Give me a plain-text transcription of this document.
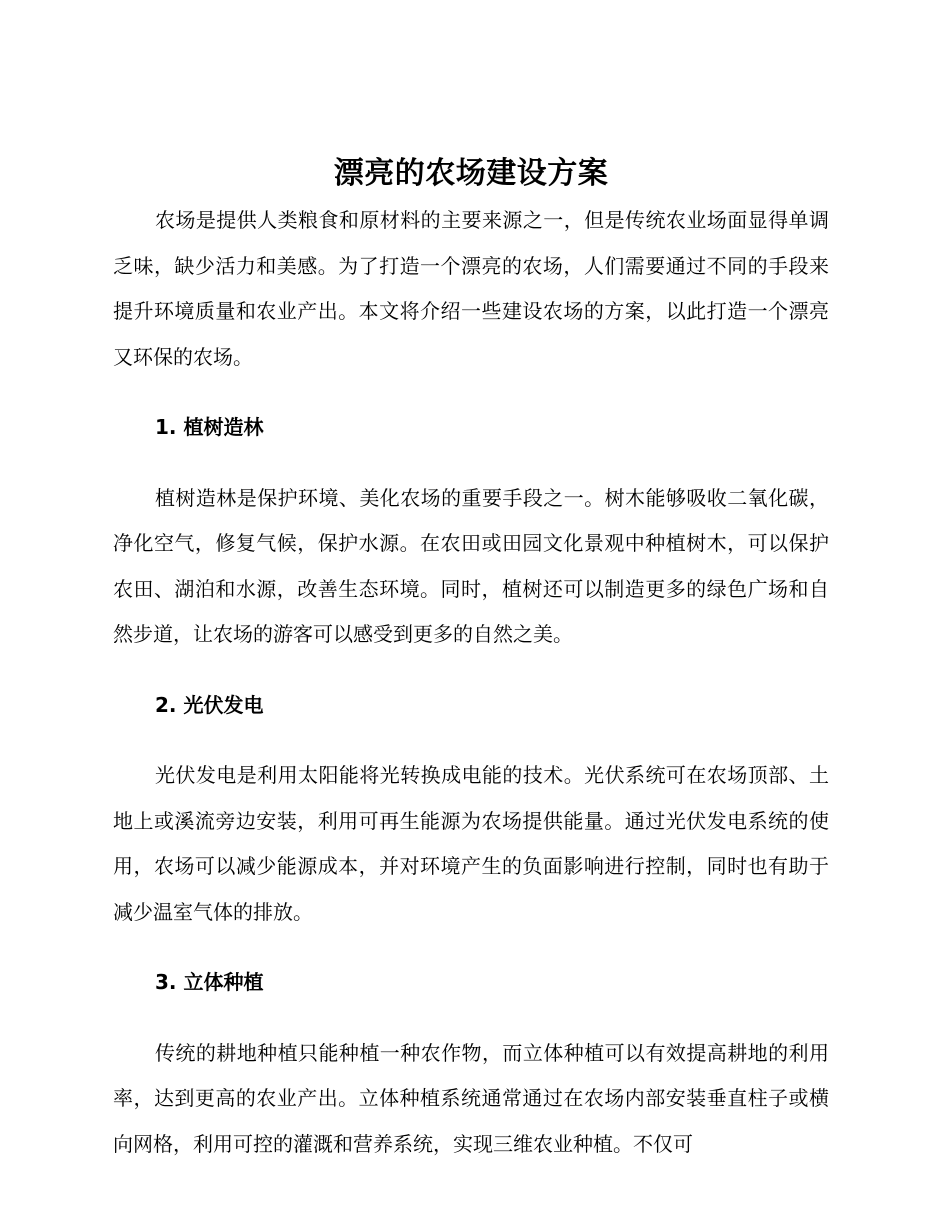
漂亮的农场建设方案

农场是提供人类粮食和原材料的主要来源之一，但是传统农业场面显得单调乏味，缺少活力和美感。为了打造一个漂亮的农场，人们需要通过不同的手段来提升环境质量和农业产出。本文将介绍一些建设农场的方案，以此打造一个漂亮又环保的农场。

1. 植树造林

植树造林是保护环境、美化农场的重要手段之一。树木能够吸收二氧化碳，净化空气，修复气候，保护水源。在农田或田园文化景观中种植树木，可以保护农田、湖泊和水源，改善生态环境。同时，植树还可以制造更多的绿色广场和自然步道，让农场的游客可以感受到更多的自然之美。

2. 光伏发电

光伏发电是利用太阳能将光转换成电能的技术。光伏系统可在农场顶部、土地上或溪流旁边安装，利用可再生能源为农场提供能量。通过光伏发电系统的使用，农场可以减少能源成本，并对环境产生的负面影响进行控制，同时也有助于减少温室气体的排放。

3. 立体种植

传统的耕地种植只能种植一种农作物，而立体种植可以有效提高耕地的利用率，达到更高的农业产出。立体种植系统通常通过在农场内部安装垂直柱子或横向网格，利用可控的灌溉和营养系统，实现三维农业种植。不仅可
